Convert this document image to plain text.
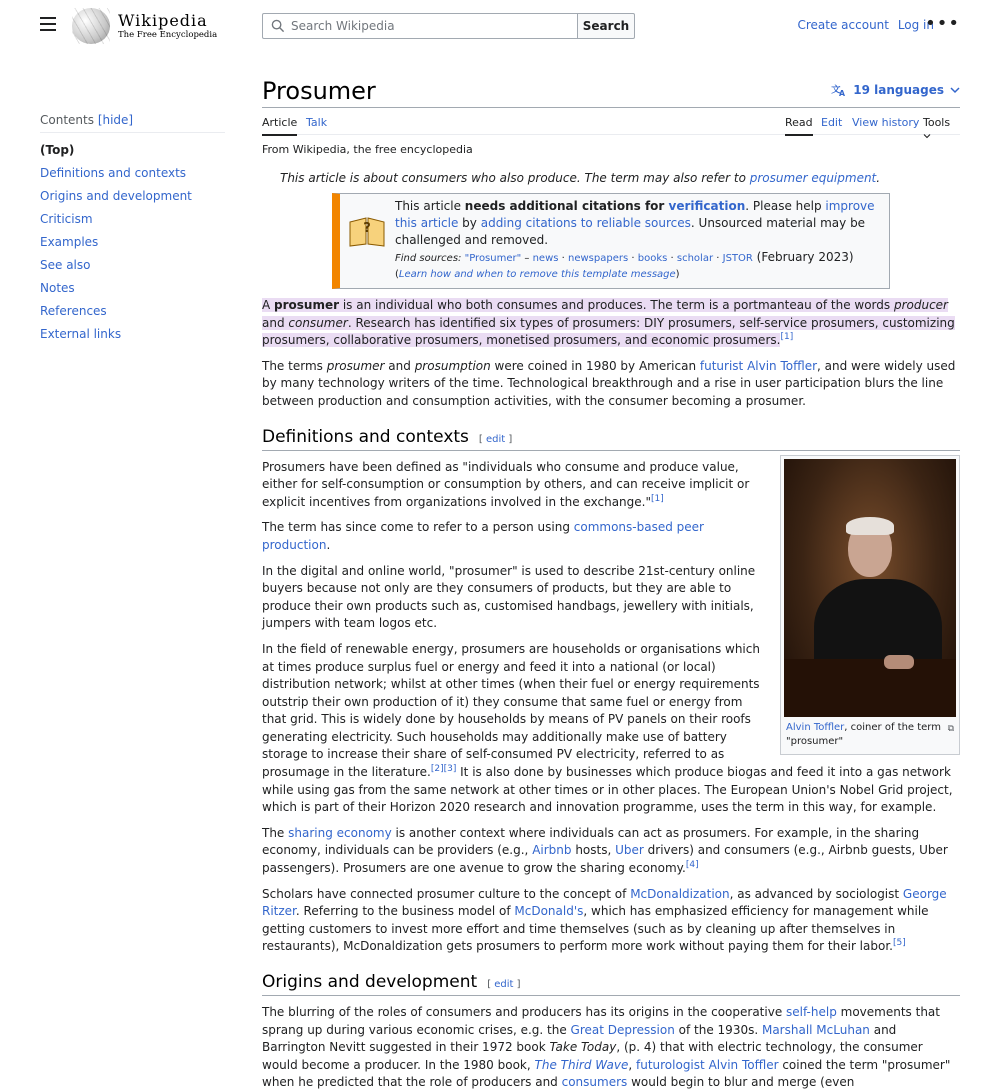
Wikipedia
The Free Encyclopedia
Search Wikipedia
Search	Create account Log in
•••
Contents [hide]
(Top)
Definitions and contexts
Origins and development
Criticism
Examples
See also
Notes
References
External links
Prosumer	文
A 19 languages
Article Talk	Read Edit View history Tools
From Wikipedia, the free encyclopedia
This article is about consumers who also produce. The term may also refer to prosumer equipment.
?
This article needs additional citations for verification. Please help improve this article by adding citations to reliable sources. Unsourced material may be challenged and removed.
Find sources: "Prosumer" – news · newspapers · books · scholar · JSTOR (February 2023) (Learn how and when to remove this template message)

A prosumer is an individual who both consumes and produces. The term is a portmanteau of the words producer and consumer. Research has identified six types of prosumers: DIY prosumers, self-service prosumers, customizing prosumers, collaborative prosumers, monetised prosumers, and economic prosumers.[1]

The terms prosumer and prosumption were coined in 1980 by American futurist Alvin Toffler, and were widely used by many technology writers of the time. Technological breakthrough and a rise in user participation blurs the line between production and consumption activities, with the consumer becoming a prosumer.

Definitions and contexts [ edit ]
Alvin Toffler, coiner of the term "prosumer"
⧉

Prosumers have been defined as "individuals who consume and produce value, either for self-consumption or consumption by others, and can receive implicit or explicit incentives from organizations involved in the exchange."[1]

The term has since come to refer to a person using commons-based peer production.

In the digital and online world, "prosumer" is used to describe 21st-century online buyers because not only are they consumers of products, but they are able to produce their own products such as, customised handbags, jewellery with initials, jumpers with team logos etc.

In the field of renewable energy, prosumers are households or organisations which at times produce surplus fuel or energy and feed it into a national (or local) distribution network; whilst at other times (when their fuel or energy requirements outstrip their own production of it) they consume that same fuel or energy from that grid. This is widely done by households by means of PV panels on their roofs generating electricity. Such households may additionally make use of battery storage to increase their share of self-consumed PV electricity, referred to as prosumage in the literature.[2][3] It is also done by businesses which produce biogas and feed it into a gas network while using gas from the same network at other times or in other places. The European Union's Nobel Grid project, which is part of their Horizon 2020 research and innovation programme, uses the term in this way, for example.

The sharing economy is another context where individuals can act as prosumers. For example, in the sharing economy, individuals can be providers (e.g., Airbnb hosts, Uber drivers) and consumers (e.g., Airbnb guests, Uber passengers). Prosumers are one avenue to grow the sharing economy.[4]

Scholars have connected prosumer culture to the concept of McDonaldization, as advanced by sociologist George Ritzer. Referring to the business model of McDonald's, which has emphasized efficiency for management while getting customers to invest more effort and time themselves (such as by cleaning up after themselves in restaurants), McDonaldization gets prosumers to perform more work without paying them for their labor.[5]

Origins and development [ edit ]

The blurring of the roles of consumers and producers has its origins in the cooperative self-help movements that sprang up during various economic crises, e.g. the Great Depression of the 1930s. Marshall McLuhan and Barrington Nevitt suggested in their 1972 book Take Today, (p. 4) that with electric technology, the consumer would become a producer. In the 1980 book, The Third Wave, futurologist Alvin Toffler coined the term "prosumer" when he predicted that the role of producers and consumers would begin to blur and merge (even
